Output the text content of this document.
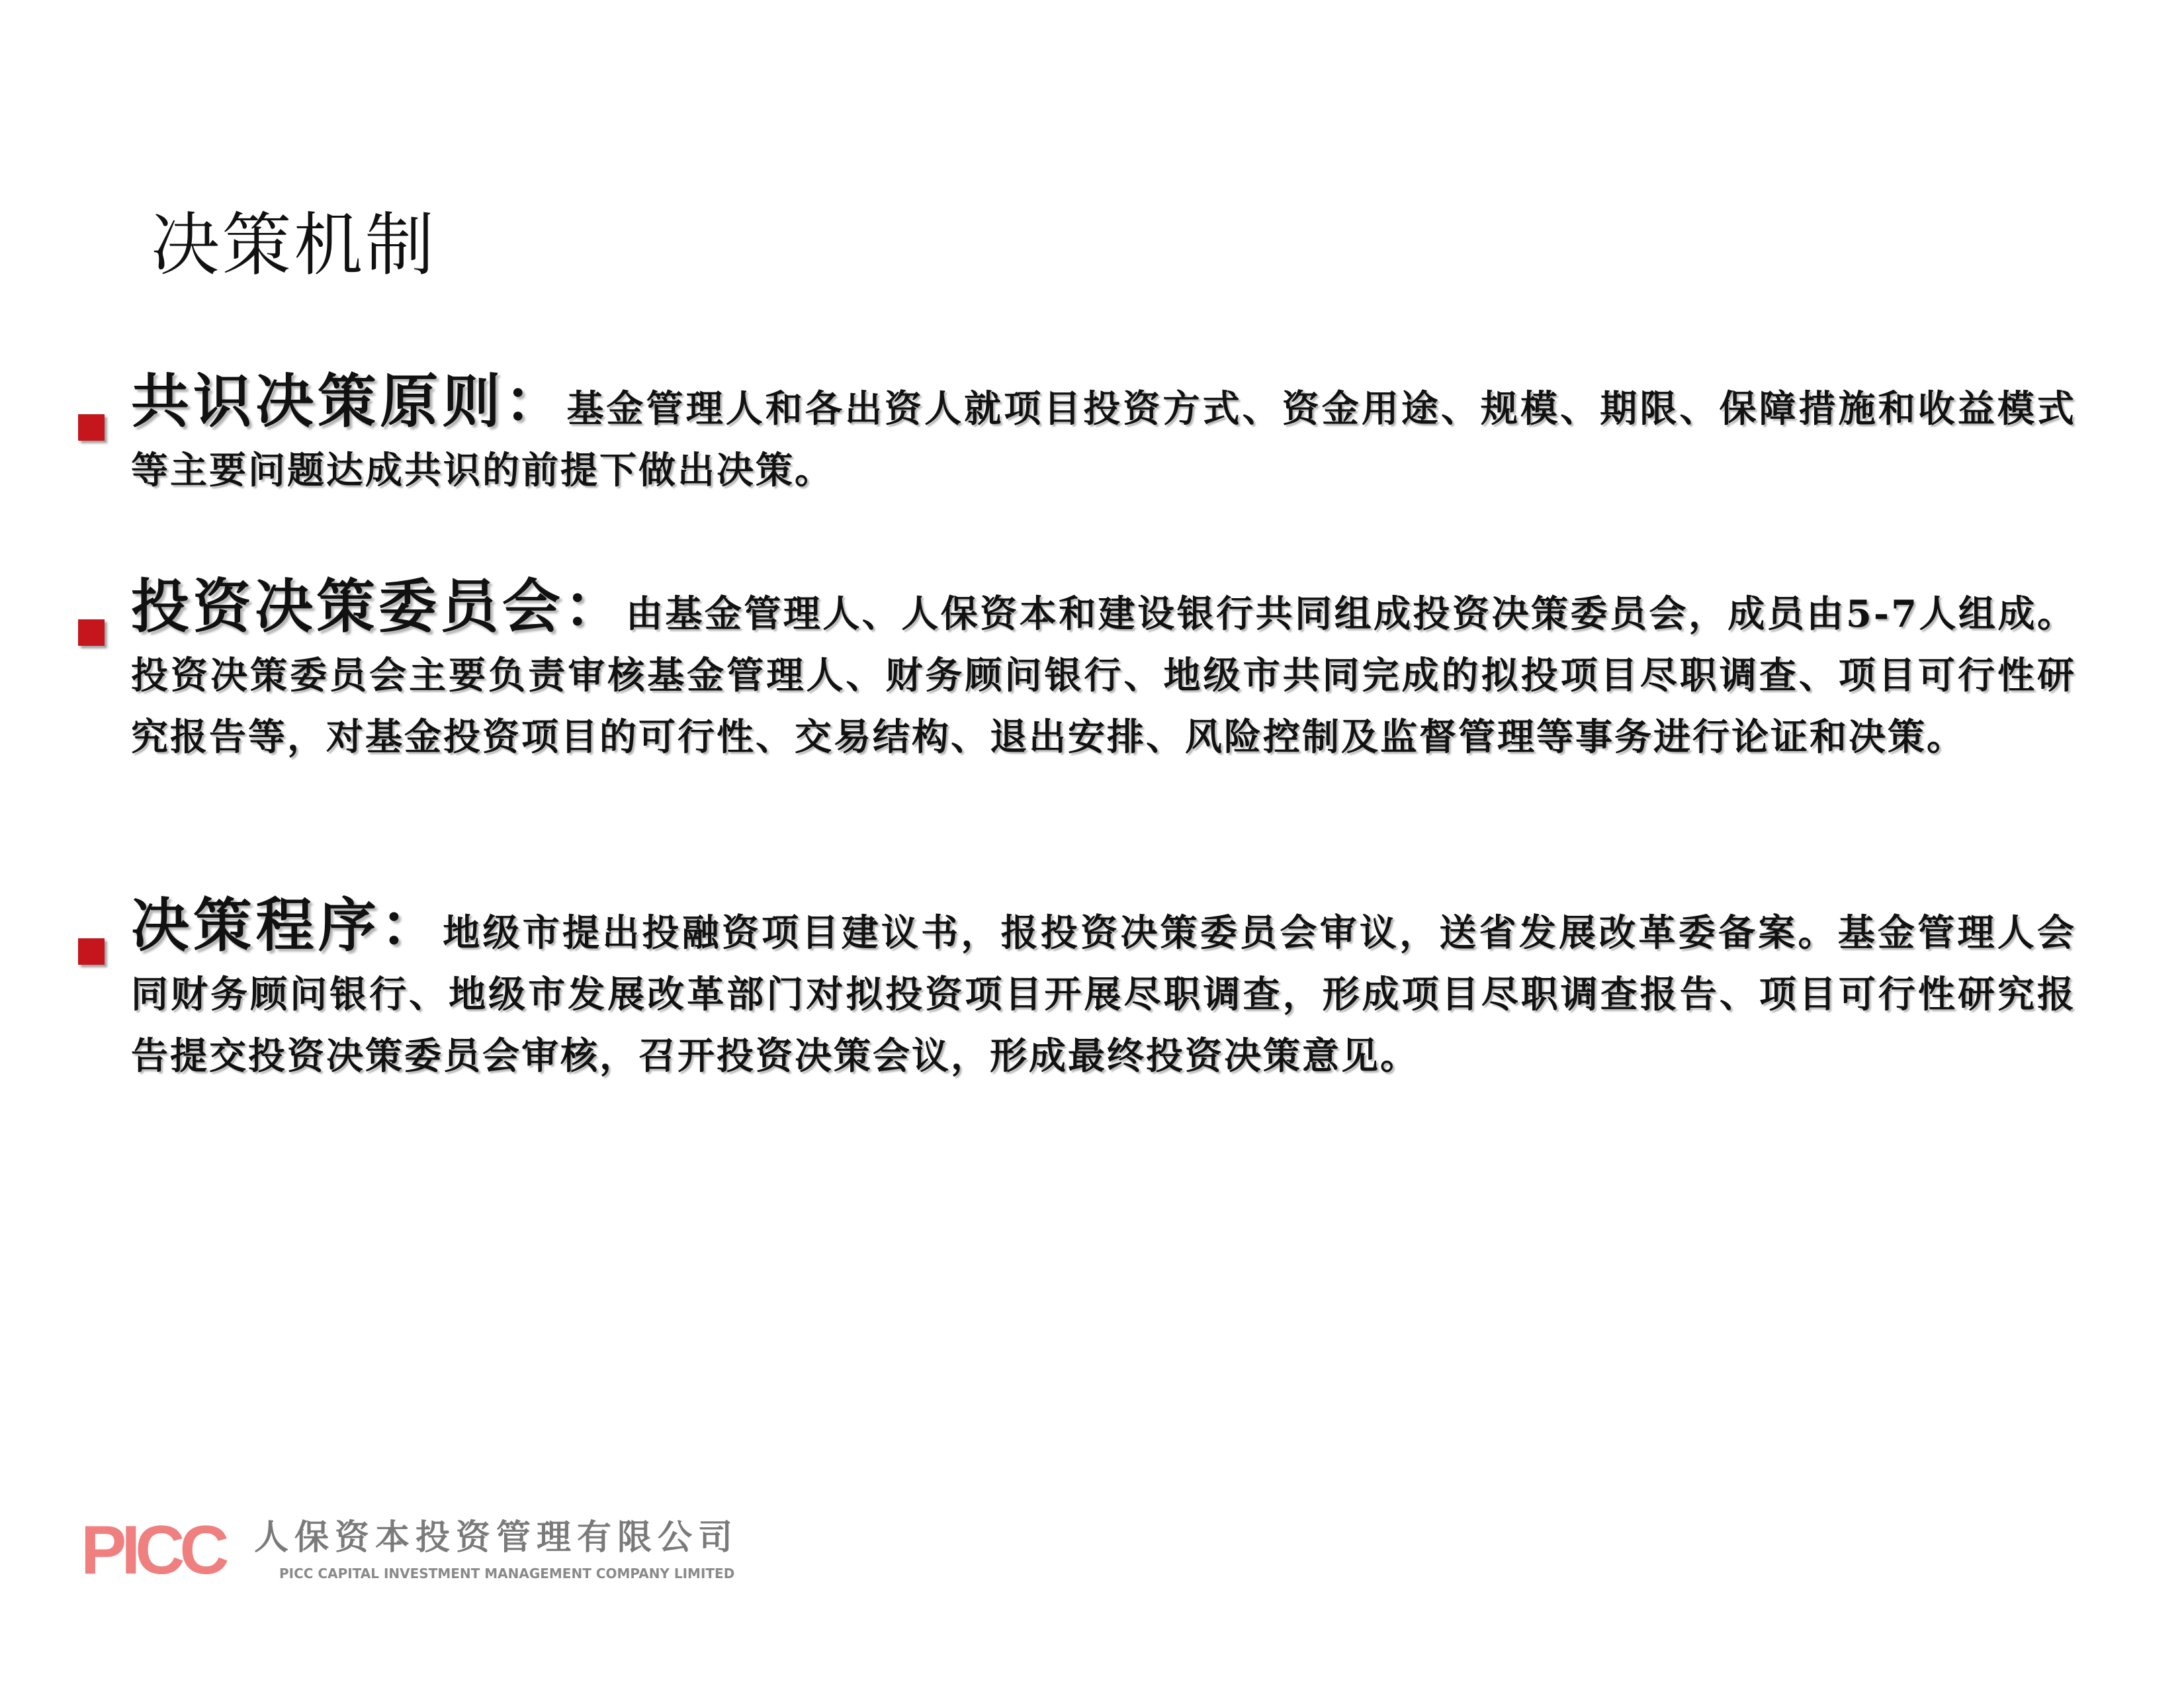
决策机制
共识决策原则：基金管理人和各出资人就项目投资方式、资金用途、规模、期限、保障措施和收益模式等主要问题达成共识的前提下做出决策。
投资决策委员会：由基金管理人、人保资本和建设银行共同组成投资决策委员会，成员由5-7人组成。投资决策委员会主要负责审核基金管理人、财务顾问银行、地级市共同完成的拟投项目尽职调查、项目可行性研究报告等，对基金投资项目的可行性、交易结构、退出安排、风险控制及监督管理等事务进行论证和决策。
决策程序：地级市提出投融资项目建议书，报投资决策委员会审议，送省发展改革委备案。基金管理人会同财务顾问银行、地级市发展改革部门对拟投资项目开展尽职调查，形成项目尽职调查报告、项目可行性研究报告提交投资决策委员会审核，召开投资决策会议，形成最终投资决策意见。
PICC 人保资本投资管理有限公司
PICC CAPITAL INVESTMENT MANAGEMENT COMPANY LIMITED
